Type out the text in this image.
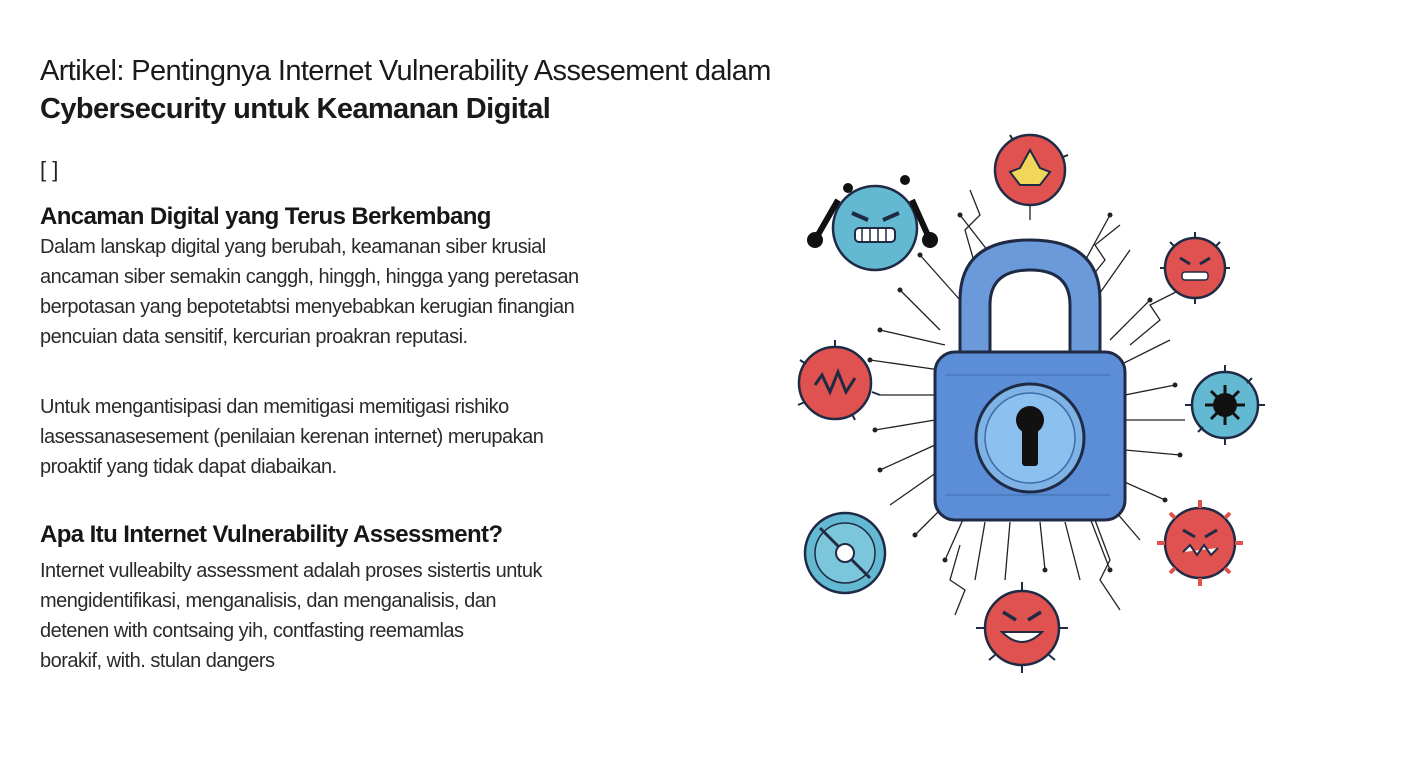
Artikel: Pentingnya Internet Vulnerability Assesement dalam
Cybersecurity untuk Keamanan Digital
[ ]
Ancaman Digital yang Terus Berkembang

Dalam lanskap digital yang berubah, keamanan siber krusial
ancaman siber semakin canggh, hinggh, hingga yang peretasan
berpotasan yang bepotetabtsi menyebabkan kerugian finangian
pencuian data sensitif, kercurian proakran reputasi.

Untuk mengantisipasi dan memitigasi memitigasi rishiko
lasessanasesement (penilaian kerenan internet) merupakan
proaktif yang tidak dapat diabaikan.

Apa Itu Internet Vulnerability Assessment?

Internet vulleabilty assessment adalah proses sistertis untuk
mengidentifikasi, menganalisis, dan menganalisis, dan
detenen with contsaing yih, contfasting reemamlas
borakif, with. stulan dangers
